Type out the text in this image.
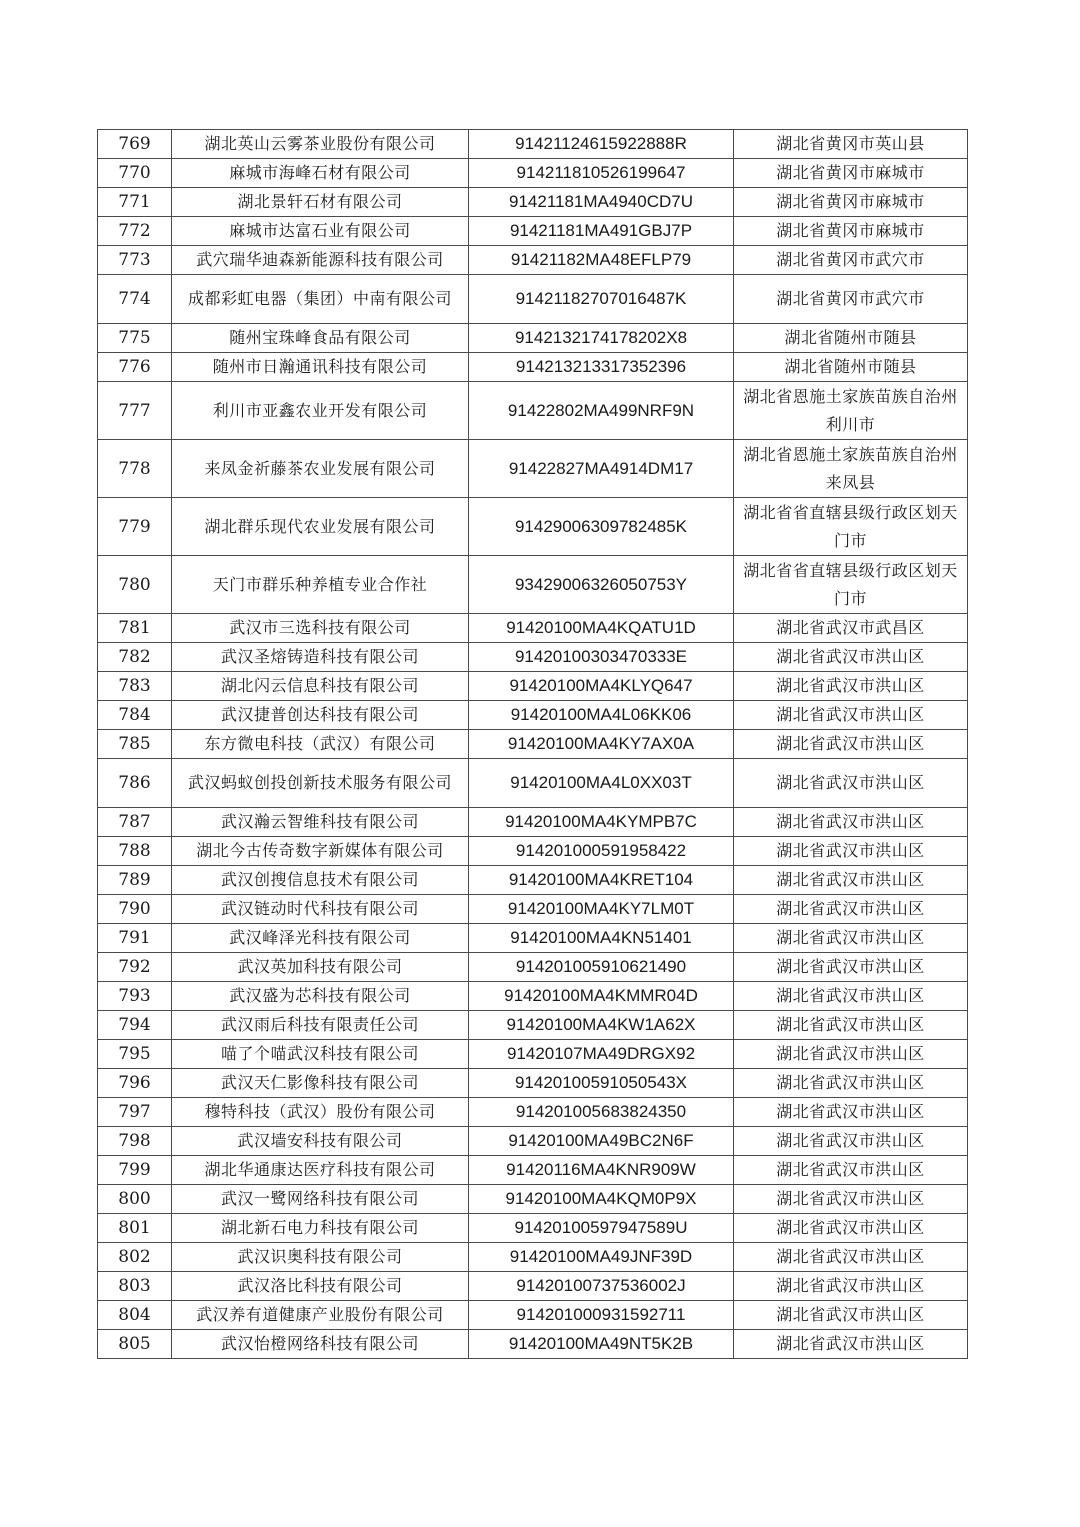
769	湖北英山云雾茶业股份有限公司	91421124615922888R	湖北省黄冈市英山县
770	麻城市海峰石材有限公司	914211810526199647	湖北省黄冈市麻城市
771	湖北景轩石材有限公司	91421181MA4940CD7U	湖北省黄冈市麻城市
772	麻城市达富石业有限公司	91421181MA491GBJ7P	湖北省黄冈市麻城市
773	武穴瑞华迪森新能源科技有限公司	91421182MA48EFLP79	湖北省黄冈市武穴市
774	成都彩虹电器（集团）中南有限公司	91421182707016487K	湖北省黄冈市武穴市
775	随州宝珠峰食品有限公司	9142132174178202X8	湖北省随州市随县
776	随州市日瀚通讯科技有限公司	914213213317352396	湖北省随州市随县
777	利川市亚鑫农业开发有限公司	91422802MA499NRF9N	湖北省恩施土家族苗族自治州利川市
778	来凤金祈藤茶农业发展有限公司	91422827MA4914DM17	湖北省恩施土家族苗族自治州来凤县
779	湖北群乐现代农业发展有限公司	91429006309782485K	湖北省省直辖县级行政区划天门市
780	天门市群乐种养植专业合作社	93429006326050753Y	湖北省省直辖县级行政区划天门市
781	武汉市三选科技有限公司	91420100MA4KQATU1D	湖北省武汉市武昌区
782	武汉圣熔铸造科技有限公司	91420100303470333E	湖北省武汉市洪山区
783	湖北闪云信息科技有限公司	91420100MA4KLYQ647	湖北省武汉市洪山区
784	武汉捷普创达科技有限公司	91420100MA4L06KK06	湖北省武汉市洪山区
785	东方微电科技（武汉）有限公司	91420100MA4KY7AX0A	湖北省武汉市洪山区
786	武汉蚂蚁创投创新技术服务有限公司	91420100MA4L0XX03T	湖北省武汉市洪山区
787	武汉瀚云智维科技有限公司	91420100MA4KYMPB7C	湖北省武汉市洪山区
788	湖北今古传奇数字新媒体有限公司	914201000591958422	湖北省武汉市洪山区
789	武汉创搜信息技术有限公司	91420100MA4KRET104	湖北省武汉市洪山区
790	武汉链动时代科技有限公司	91420100MA4KY7LM0T	湖北省武汉市洪山区
791	武汉峰泽光科技有限公司	91420100MA4KN51401	湖北省武汉市洪山区
792	武汉英加科技有限公司	914201005910621490	湖北省武汉市洪山区
793	武汉盛为芯科技有限公司	91420100MA4KMMR04D	湖北省武汉市洪山区
794	武汉雨后科技有限责任公司	91420100MA4KW1A62X	湖北省武汉市洪山区
795	喵了个喵武汉科技有限公司	91420107MA49DRGX92	湖北省武汉市洪山区
796	武汉天仁影像科技有限公司	91420100591050543X	湖北省武汉市洪山区
797	穆特科技（武汉）股份有限公司	914201005683824350	湖北省武汉市洪山区
798	武汉墙安科技有限公司	91420100MA49BC2N6F	湖北省武汉市洪山区
799	湖北华通康达医疗科技有限公司	91420116MA4KNR909W	湖北省武汉市洪山区
800	武汉一鹭网络科技有限公司	91420100MA4KQM0P9X	湖北省武汉市洪山区
801	湖北新石电力科技有限公司	91420100597947589U	湖北省武汉市洪山区
802	武汉识奥科技有限公司	91420100MA49JNF39D	湖北省武汉市洪山区
803	武汉洛比科技有限公司	91420100737536002J	湖北省武汉市洪山区
804	武汉养有道健康产业股份有限公司	914201000931592711	湖北省武汉市洪山区
805	武汉怡橙网络科技有限公司	91420100MA49NT5K2B	湖北省武汉市洪山区
